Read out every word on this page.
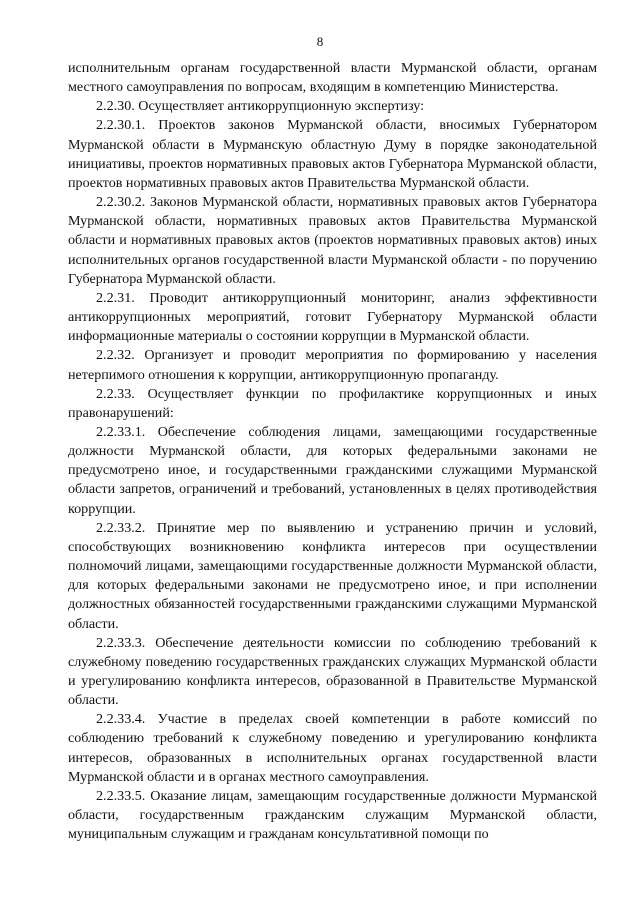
8

исполнительным органам государственной власти Мурманской области, органам местного самоуправления по вопросам, входящим в компетенцию Министерства.

2.2.30. Осуществляет антикоррупционную экспертизу:

2.2.30.1. Проектов законов Мурманской области, вносимых Губернатором Мурманской области в Мурманскую областную Думу в порядке законодательной инициативы, проектов нормативных правовых актов Губернатора Мурманской области, проектов нормативных правовых актов Правительства Мурманской области.

2.2.30.2. Законов Мурманской области, нормативных правовых актов Губернатора Мурманской области, нормативных правовых актов Правительства Мурманской области и нормативных правовых актов (проектов нормативных правовых актов) иных исполнительных органов государственной власти Мурманской области - по поручению Губернатора Мурманской области.

2.2.31. Проводит антикоррупционный мониторинг, анализ эффективности антикоррупционных мероприятий, готовит Губернатору Мурманской области информационные материалы о состоянии коррупции в Мурманской области.

2.2.32. Организует и проводит мероприятия по формированию у населения нетерпимого отношения к коррупции, антикоррупционную пропаганду.

2.2.33. Осуществляет функции по профилактике коррупционных и иных правонарушений:

2.2.33.1. Обеспечение соблюдения лицами, замещающими государственные должности Мурманской области, для которых федеральными законами не предусмотрено иное, и государственными гражданскими служащими Мурманской области запретов, ограничений и требований, установленных в целях противодействия коррупции.

2.2.33.2. Принятие мер по выявлению и устранению причин и условий, способствующих возникновению конфликта интересов при осуществлении полномочий лицами, замещающими государственные должности Мурманской области, для которых федеральными законами не предусмотрено иное, и при исполнении должностных обязанностей государственными гражданскими служащими Мурманской области.

2.2.33.3. Обеспечение деятельности комиссии по соблюдению требований к служебному поведению государственных гражданских служащих Мурманской области и урегулированию конфликта интересов, образованной в Правительстве Мурманской области.

2.2.33.4. Участие в пределах своей компетенции в работе комиссий по соблюдению требований к служебному поведению и урегулированию конфликта интересов, образованных в исполнительных органах государственной власти Мурманской области и в органах местного самоуправления.

2.2.33.5. Оказание лицам, замещающим государственные должности Мурманской области, государственным гражданским служащим Мурманской области, муниципальным служащим и гражданам консультативной помощи по
